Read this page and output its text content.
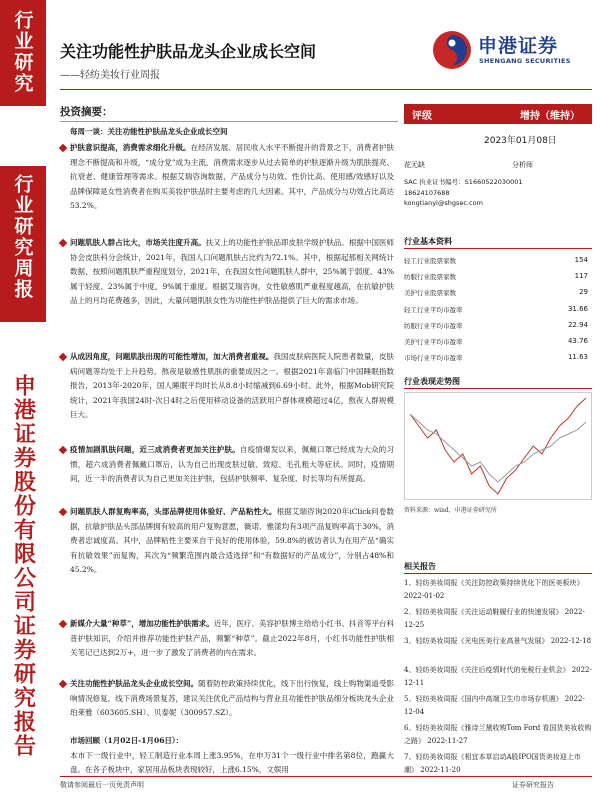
行业研究
行业研究周报
申港证券股份有限公司证券研究报告
关注功能性护肤品龙头企业成长空间
——轻纺美妆行业周报
申港证券
SHENGANG SECURITIES
投资摘要：
每周一谈：关注功能性护肤品龙头企业成长空间
护肤意识提高，消费需求细化升级。在经济发展、居民收入水平不断提升的背景之下，消费者护肤理念不断提高和升级，“成分党”成为主流，消费需求逐步从过去简单的护肤逐渐升级为肌肤提亮、抗衰老、健康管理等需求。根据艾瑞咨询数据，产品成分与功效、性价比高、使用感/效感好以及品牌保障是女性消费者在购买美妆护肤品时主要考虑的几大因素。其中，产品成分与功效占比高达53.2%。
问题肌肤人群占比大，市场关注度升高。扶又上的功能性护肤品即皮肤学级护肤品。根据中国医师协会皮肤科分会统计，2021年，我国人口问题肌肤占比约为72.1%。其中，根据起那相关网统计数据，按照问题肌肤严重程度划分，2021年，在我国女性问题肌肤人群中，25%属于弱度、43%属于轻度、23%属于中度，9%属于重度。根据艾瑞咨询，女性敏感肌严重程度越高，在抗敏护肤品上的月均花费越多，因此，大量问题肌肤女性为功能性护肤品提供了巨大的需求市场。
从成因角度，问题肌肤出现的可能性增加，加大消费者重视。我国皮肤病医院人院患者数量，皮肤病问题等均处于上升趋势。熬夜是敏感性肌肤的重要成因之一。根据2021年喜临门中国睡眠指数报告，2013年-2020年，国人睡眠平均时长从8.8小时缩减到6.69小时。此外，根据Mob研究院统计，2021年我国24时-次日4时之后使用移动设备的活跃用户群体规模超过4亿，熬夜人群规模巨大。
疫情加剧肌肤问题，近三成消费者更加关注护肤。自疫情爆发以来，佩戴口罩已经成为大众的习惯，超六成消费者佩戴口罩后，认为自己出现皮肤过敏、致痘、毛孔粗大等症状。同时，疫情期间，近一半的消费者认为自己更加关注护肤，包括护肤频率、复杂度、时长等均有所提高。
问题肌肤人群复购率高，头部品牌使用体验好、产品粘性大。根据艾瑞咨询2020年iClick问卷数据，抗敏护肤品头部品牌拥有较高的用户复购意愿，薇诺、雅漾均有3项产品复购率高于30%，消费者忠诚度高。其中，品牌粘性主要来自于良好的使用体验，59.8%的被访者认为在用产品“确实有抗敏效果”而复购，其次为“频繁范围内最合适选择”和“有数据好的产品成分”，分别占48%和45.2%。
新媒介大量“种草”，增加功能性护肤需求。近年，医疗、美容护肤博主给给小红书、抖音等平台科普护肤知识，介绍并推荐功能性护肤产品，频繁“种草”。截止2022年8月，小红书功能性护肤相关笔记已达到2万+，进一步了激发了消费者的内在需求。
关注功能性护肤品龙头企业成长空间。随着防控政策持续优化，线下出行恢复，线上购物渠道受影响情况修复，线下消费场景复苏，建议关注优化产品结构与营业且功能性护肤品细分板块龙头企业珀莱雅（603605.SH）、贝泰妮（300957.SZ）。
市场回顾（1月02日-1月06日）：
本市下一级行业中，轻工制造行业本周上涨3.95%，在申万31个一级行业中排名第8位，跑赢大盘。在各子板块中，家居用品板块表现较好，上涨6.15%，文娱用
评级	增持（维持）
2023年01月08日
花无缺	分析师
SAC 执业证书编号：S1660522030001
18624107688
kongtianyi@shgsec.com
行业基本资料
轻工行业股票家数	154
纺服行业股票家数	117
美护行业股票家数	29
轻工行业平均市盈率	31.66
纺服行业平均市盈率	22.94
美护行业平均市盈率	43.76
市场行业平均市盈率	11.63
行业表现走势图
资料来源：wind，申港证券研究所
相关报告
1、轻纺美妆周报《关注防控政策持续优化下的医美板块》 2022-01-02
2、轻纺美妆周报《关注运动鞋履行业的快速发展》 2022-12-25
3、轻纺美妆周报《光电医美行业高景气发展》 2022-12-18
4、轻纺美妆周报《关注后疫情时代的免税行业机会》 2022-12-11
5、轻纺美妆周报《国内中高端卫生巾市场存机遇》 2022-12-04
6、轻纺美妆周报《雅诗兰黛收购Tom Ford 看国货美妆收购之路》 2022-11-27
7、轻纺美妆周报《相宜本草启动A股IPO国货美妆迎上市潮》 2022-11-20
敬请参阅最后一页免责声明	证券研究报告
